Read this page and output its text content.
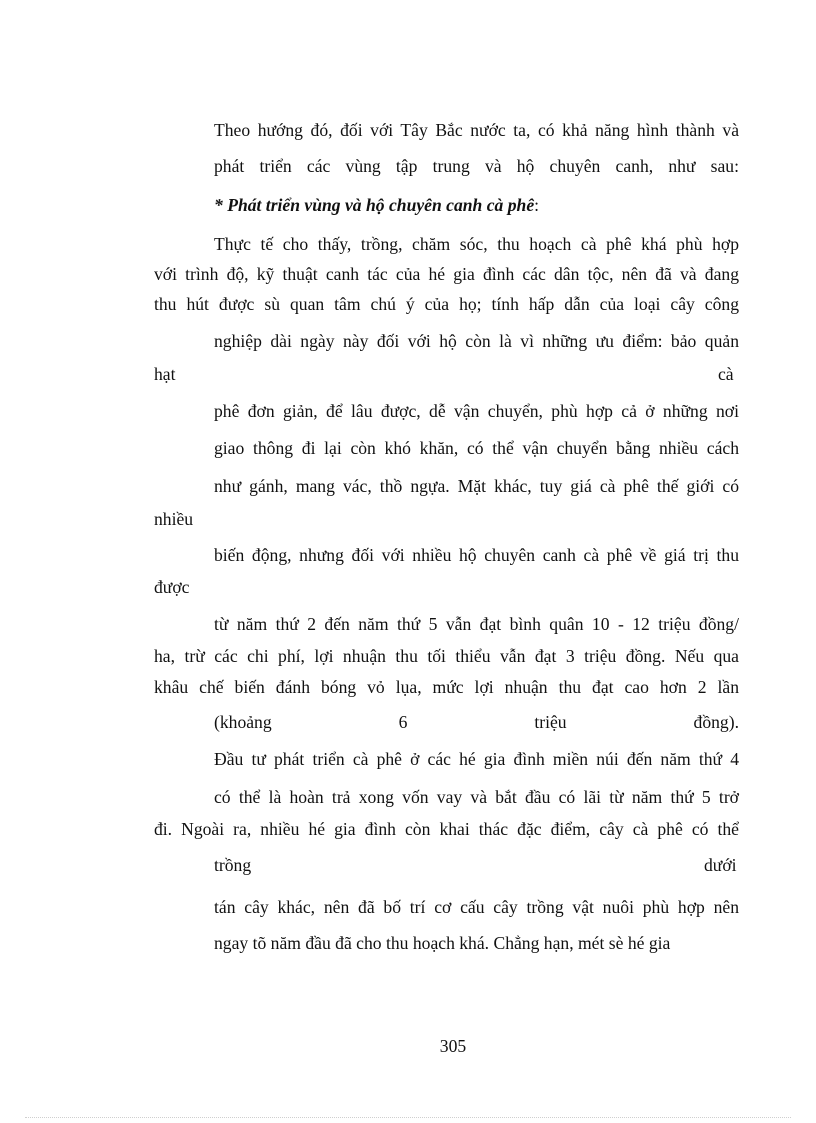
Theo hướng đó, đối với Tây Bắc nước ta, có khả năng hình thành và

phát triển các vùng tập trung và hộ chuyên canh, như sau:

* Phát triển vùng và hộ chuyên canh cà phê:

Thực tế cho thấy, trồng, chăm sóc, thu hoạch cà phê khá phù hợp

với trình độ, kỹ thuật canh tác của hé gia đình các dân tộc, nên đã và đang

thu hút được sù quan tâm chú ý của họ; tính hấp dẫn của loại cây công

nghiệp dài ngày này đối với hộ còn là vì những ưu điểm: bảo quản

hạt	cà

phê đơn giản, để lâu được, dễ vận chuyển, phù hợp cả ở những nơi

giao thông đi lại còn khó khăn, có thể vận chuyển bằng nhiều cách

như gánh, mang vác, thồ ngựa. Mặt khác, tuy giá cà phê thế giới có

nhiều

biến động, nhưng đối với nhiều hộ chuyên canh cà phê về giá trị thu

được

từ năm thứ 2 đến năm thứ 5 vẫn đạt bình quân 10 - 12 triệu đồng/

ha, trừ các chi phí, lợi nhuận thu tối thiểu vẫn đạt 3 triệu đồng. Nếu qua

khâu chế biến đánh bóng vỏ lụa, mức lợi nhuận thu đạt cao hơn 2 lần

(khoảng 6 triệu đồng).

Đầu tư phát triển cà phê ở các hé gia đình miền núi đến năm thứ 4

có thể là hoàn trả xong vốn vay và bắt đầu có lãi từ năm thứ 5 trở

đi. Ngoài ra, nhiều hé gia đình còn khai thác đặc điểm, cây cà phê có thể

trồng	dưới

tán cây khác, nên đã bố trí cơ cấu cây trồng vật nuôi phù hợp nên

ngay tõ năm đầu đã cho thu hoạch khá. Chẳng hạn, mét sè hé gia

305
